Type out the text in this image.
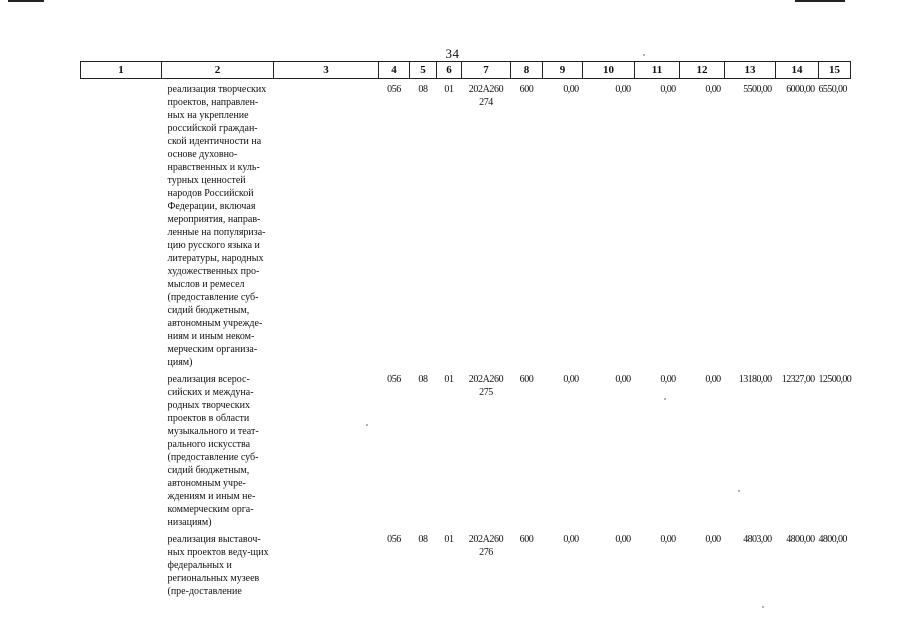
34
1	2	3	4	5	6	7	8	9	10	11	12	13	14	15
	реализация творческих проектов, направлен-ных на укрепление российской граждан-ской идентичности на основе духовно-нравственных и куль-турных ценностей народов Российской Федерации, включая мероприятия, направ-ленные на популяриза-цию русского языка и литературы, народных художественных про-мыслов и ремесел (предоставление суб-сидий бюджетным, автономным учрежде-ниям и иным неком-мерческим организа-циям)		056	08	01	202А260 274	600	0,00	0,00	0,00	0,00	5500,00	6000,00	6550,00
	реализация всерос-сийских и междуна-родных творческих проектов в области музыкального и теат-рального искусства (предоставление суб-сидий бюджетным, автономным учре-ждениям и иным не-коммерческим орга-низациям)		056	08	01	202А260 275	600	0,00	0,00	0,00	0,00	13180,00	12327,00	12500,00
	реализация выставоч-ных проектов веду-щих федеральных и региональных музеев (пре-доставление		056	08	01	202А260 276	600	0,00	0,00	0,00	0,00	4803,00	4800,00	4800,00
